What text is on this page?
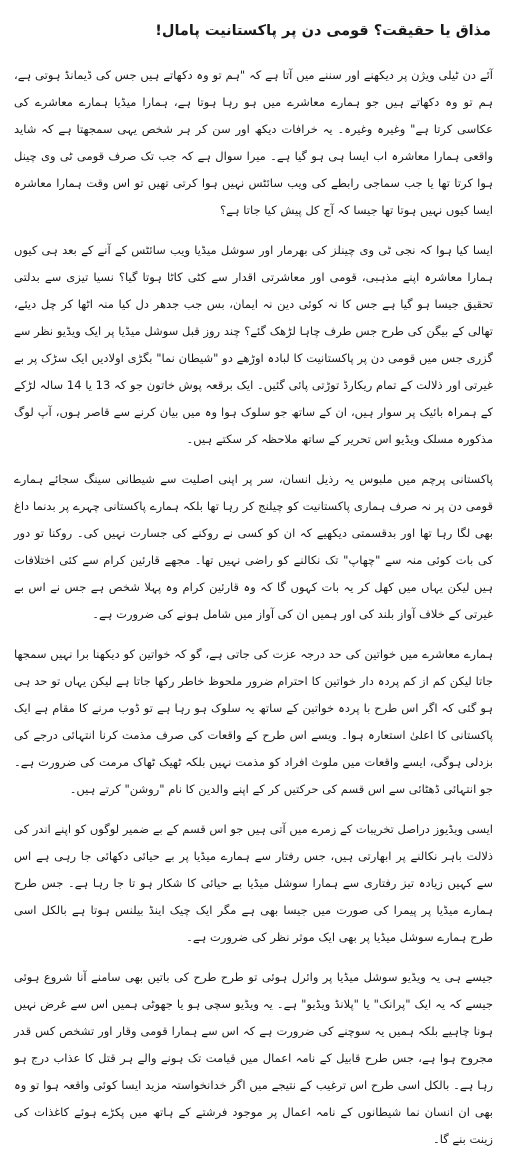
مذاق یا حقیقت؟ قومی دن پر پاکستانیت پامال!

آئے دن ٹیلی ویژن پر دیکھنے اور سننے میں آتا ہے کہ "ہم تو وہ دکھاتے ہیں جس کی ڈیمانڈ ہوتی ہے، ہم تو وہ دکھاتے ہیں جو ہمارے معاشرے میں ہو رہا ہوتا ہے، ہمارا میڈیا ہمارے معاشرے کی عکاسی کرتا ہے" وغیرہ وغیرہ۔ یہ خرافات دیکھ اور سن کر ہر شخص یہی سمجھتا ہے کہ شاید واقعی ہمارا معاشرہ اب ایسا ہی ہو گیا ہے۔ میرا سوال ہے کہ جب تک صرف قومی ٹی وی چینل ہوا کرتا تھا یا جب سماجی رابطے کی ویب سائٹس نہیں ہوا کرتی تھیں تو اس وقت ہمارا معاشرہ ایسا کیوں نہیں ہوتا تھا جیسا کہ آج کل پیش کیا جاتا ہے؟

ایسا کیا ہوا کہ نجی ٹی وی چینلز کی بھرمار اور سوشل میڈیا ویب سائٹس کے آنے کے بعد ہی کیوں ہمارا معاشرہ اپنے مذہبی، قومی اور معاشرتی اقدار سے کٹی کاٹا ہوتا گیا؟ نسیا تیزی سے بدلتی تحقیق جیسا ہو گیا ہے جس کا نہ کوئی دین نہ ایمان، بس جب جدھر دل کیا منہ اٹھا کر چل دیئے، تھالی کے بیگن کی طرح جس طرف چاہا لڑھک گئے؟ چند روز قبل سوشل میڈیا پر ایک ویڈیو نظر سے گزری جس میں قومی دن پر پاکستانیت کا لبادہ اوڑھے دو "شیطان نما" بگڑی اولادیں ایک سڑک پر بے غیرتی اور ذلالت کے تمام ریکارڈ توڑتی پائی گئیں۔ ایک برقعہ پوش خاتون جو کہ 13 یا 14 سالہ لڑکے کے ہمراہ بائیک پر سوار ہیں، ان کے ساتھ جو سلوک ہوا وہ میں بیان کرنے سے قاصر ہوں، آپ لوگ مذکورہ مسلک ویڈیو اس تحریر کے ساتھ ملاحظہ کر سکتے ہیں۔

پاکستانی پرچم میں ملبوس یہ رذیل انسان، سر پر اپنی اصلیت سے شیطانی سینگ سجائے ہمارے قومی دن پر نہ صرف ہماری پاکستانیت کو چیلنج کر رہا تھا بلکہ ہمارے پاکستانی چہرے پر بدنما داغ بھی لگا رہا تھا اور بدقسمتی دیکھیے کہ ان کو کسی نے روکنے کی جسارت نہیں کی۔ روکنا تو دور کی بات کوئی منہ سے "چھاپ" تک نکالنے کو راضی نہیں تھا۔ مجھے قارئین کرام سے کئی اختلافات ہیں لیکن یہاں میں کھل کر یہ بات کہوں گا کہ وہ قارئین کرام وہ پہلا شخص ہے جس نے اس بے غیرتی کے خلاف آواز بلند کی اور ہمیں ان کی آواز میں شامل ہونے کی ضرورت ہے۔

ہمارے معاشرے میں خواتین کی حد درجہ عزت کی جاتی ہے، گو کہ خواتین کو دیکھنا برا نہیں سمجھا جاتا لیکن کم از کم پردہ دار خواتین کا احترام ضرور ملحوظ خاطر رکھا جاتا ہے لیکن یہاں تو حد ہی ہو گئی کہ اگر اس طرح با پردہ خواتین کے ساتھ یہ سلوک ہو رہا ہے تو ڈوب مرنے کا مقام ہے ایک پاکستانی کا اعلیٰ استعارہ ہوا۔ ویسے اس طرح کے واقعات کی صرف مذمت کرنا انتہائی درجے کی بزدلی ہوگی، ایسے واقعات میں ملوث افراد کو مذمت نہیں بلکہ ٹھیک ٹھاک مرمت کی ضرورت ہے۔ جو انتہائی ڈھٹائی سے اس قسم کی حرکتیں کر کے اپنے والدین کا نام "روشن" کرتے ہیں۔

ایسی ویڈیوز دراصل تخریبات کے زمرے میں آتی ہیں جو اس قسم کے بے ضمیر لوگوں کو اپنے اندر کی ذلالت باہر نکالنے پر ابھارتی ہیں، جس رفتار سے ہمارے میڈیا پر بے حیائی دکھائی جا رہی ہے اس سے کہیں زیادہ تیز رفتاری سے ہمارا سوشل میڈیا بے حیائی کا شکار ہو تا جا رہا ہے۔ جس طرح ہمارے میڈیا پر پیمرا کی صورت میں جیسا بھی ہے مگر ایک چیک اینڈ بیلنس ہوتا ہے بالکل اسی طرح ہمارے سوشل میڈیا پر بھی ایک موثر نظر کی ضرورت ہے۔

جیسے ہی یہ ویڈیو سوشل میڈیا پر وائرل ہوئی تو طرح طرح کی باتیں بھی سامنے آنا شروع ہوئی جیسے کہ یہ ایک "پرانک" یا "پلانڈ ویڈیو" ہے۔ یہ ویڈیو سچی ہو یا جھوٹی ہمیں اس سے غرض نہیں ہونا چاہیے بلکہ ہمیں یہ سوچنے کی ضرورت ہے کہ اس سے ہمارا قومی وقار اور تشخص کس قدر مجروح ہوا ہے، جس طرح قابیل کے نامہ اعمال میں قیامت تک ہونے والے ہر قتل کا عذاب درج ہو رہا ہے۔ بالکل اسی طرح اس ترغیب کے نتیجے میں اگر خدانخواستہ مزید ایسا کوئی واقعہ ہوا تو وہ بھی ان انسان نما شیطانوں کے نامہ اعمال پر موجود فرشتے کے ہاتھ میں پکڑے ہوئے کاغذات کی زینت بنے گا۔
